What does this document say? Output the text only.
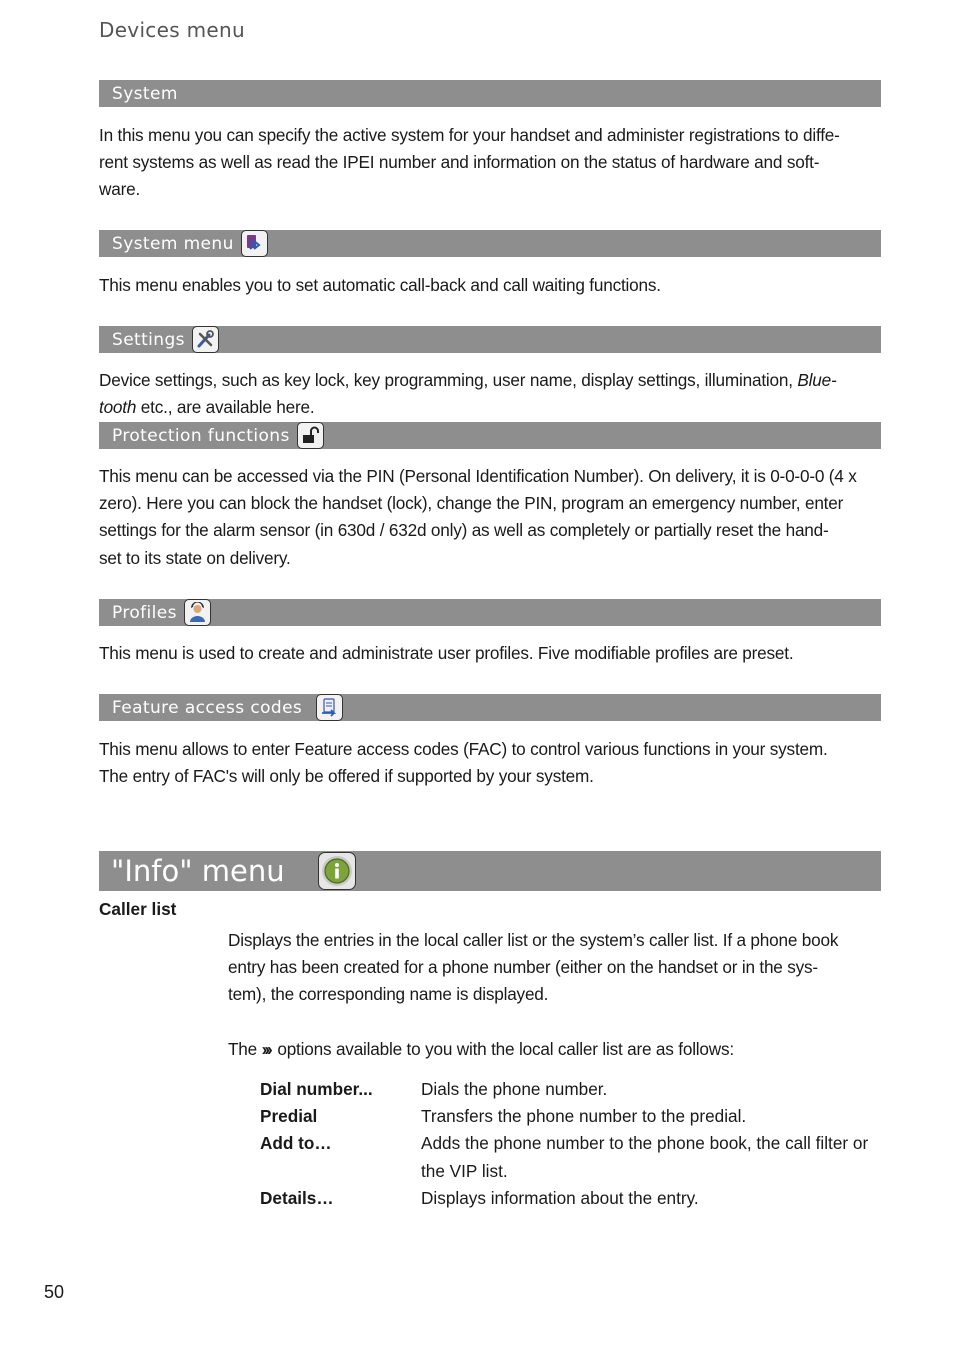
Devices menu
System

In this menu you can specify the active system for your handset and administer registrations to diffe-

rent systems as well as read the IPEI number and information on the status of hardware and soft-

ware.

System menu

This menu enables you to set automatic call-back and call waiting functions.

Settings

Device settings, such as key lock, key programming, user name, display settings, illumination, Blue-

tooth etc., are available here.

Protection functions

This menu can be accessed via the PIN (Personal Identification Number). On delivery, it is 0-0-0-0 (4 x

zero). Here you can block the handset (lock), change the PIN, program an emergency number, enter

settings for the alarm sensor (in 630d / 632d only) as well as completely or partially reset the hand-

set to its state on delivery.

Profiles

This menu is used to create and administrate user profiles. Five modifiable profiles are preset.

Feature access codes

This menu allows to enter Feature access codes (FAC) to control various functions in your system.

The entry of FAC's will only be offered if supported by your system.

"Info" menu
Caller list

Displays the entries in the local caller list or the system’s caller list. If a phone book

entry has been created for a phone number (either on the handset or in the sys-

tem), the corresponding name is displayed.

The ››› options available to you with the local caller list are as follows:

Dial number...	Dials the phone number.
Predial	Transfers the phone number to the predial.
Add to…	Adds the phone number to the phone book, the call filter or the VIP list.
Details…	Displays information about the entry.
50
